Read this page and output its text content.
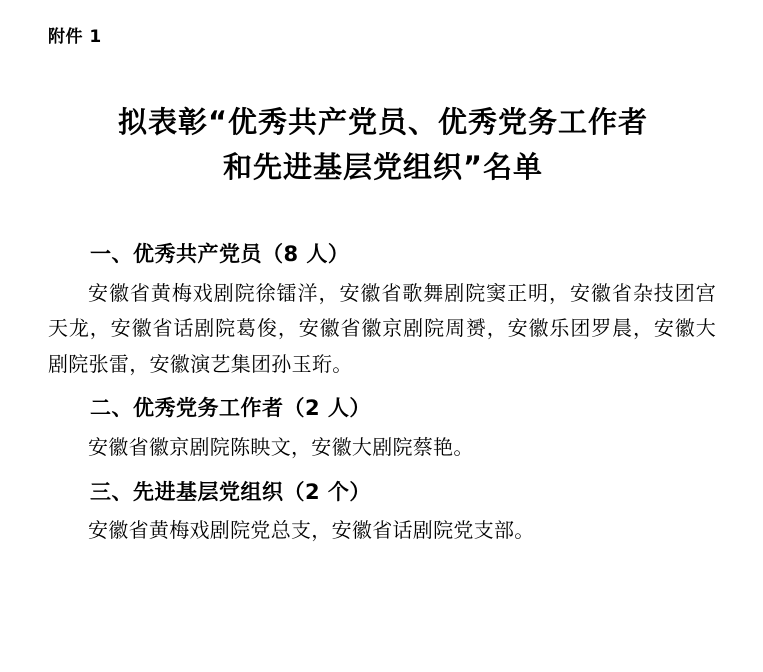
附件 1
拟表彰“优秀共产党员、优秀党务工作者
和先进基层党组织”名单

一、优秀共产党员（8 人）

安徽省黄梅戏剧院徐镭洋，安徽省歌舞剧院窦正明，安徽省杂技团宫天龙，安徽省话剧院葛俊，安徽省徽京剧院周赟，安徽乐团罗晨，安徽大剧院张雷，安徽演艺集团孙玉珩。

二、优秀党务工作者（2 人）

安徽省徽京剧院陈眏文，安徽大剧院蔡艳。

三、先进基层党组织（2 个）

安徽省黄梅戏剧院党总支，安徽省话剧院党支部。
